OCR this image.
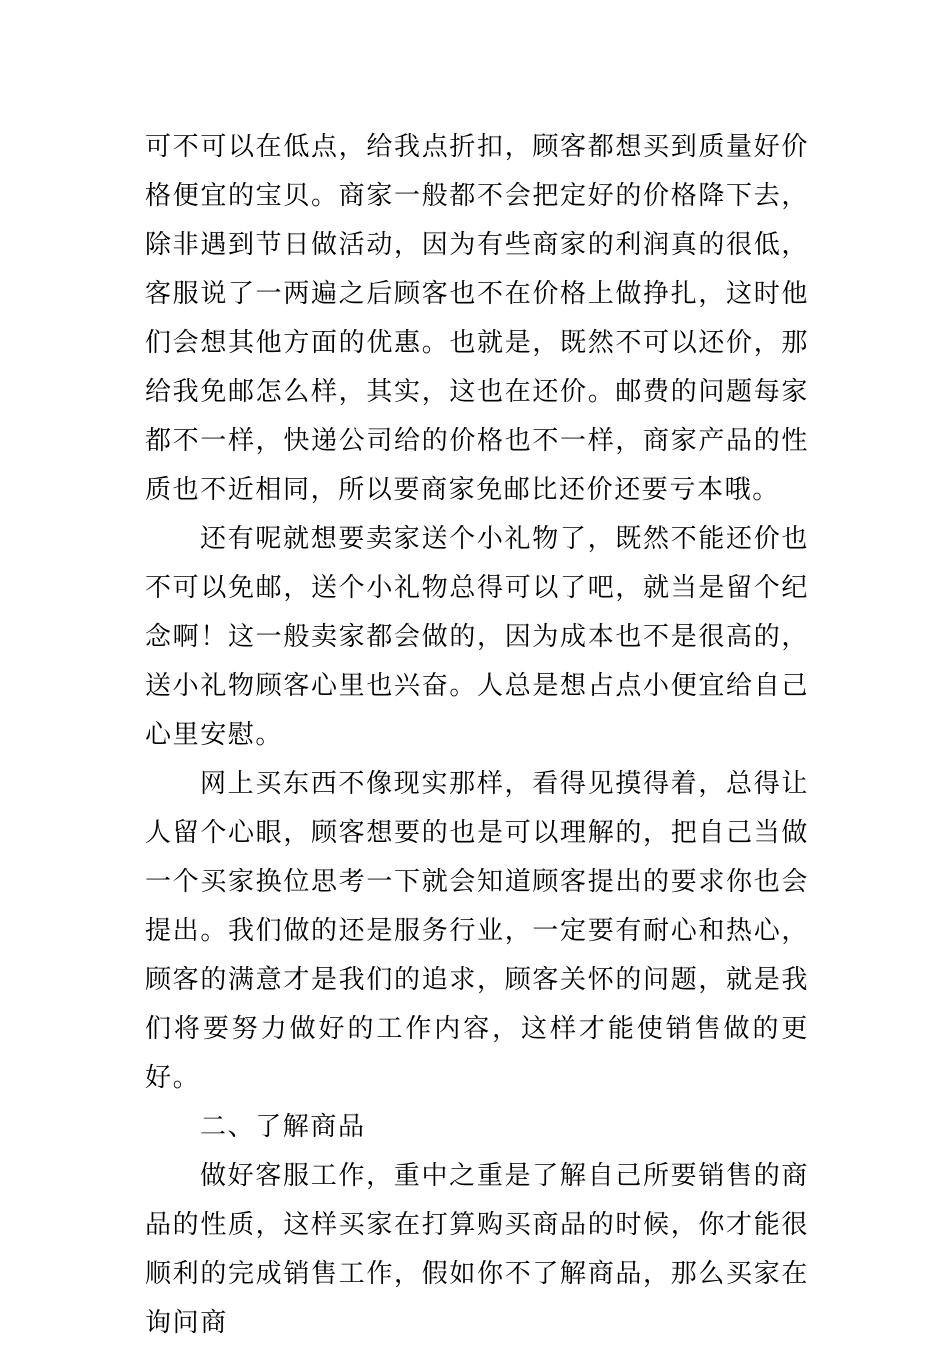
可不可以在低点，给我点折扣，顾客都想买到质量好价格便宜的宝贝。商家一般都不会把定好的价格降下去，除非遇到节日做活动，因为有些商家的利润真的很低，客服说了一两遍之后顾客也不在价格上做挣扎，这时他们会想其他方面的优惠。也就是，既然不可以还价，那给我免邮怎么样，其实，这也在还价。邮费的问题每家都不一样，快递公司给的价格也不一样，商家产品的性质也不近相同，所以要商家免邮比还价还要亏本哦。

还有呢就想要卖家送个小礼物了，既然不能还价也不可以免邮，送个小礼物总得可以了吧，就当是留个纪念啊！这一般卖家都会做的，因为成本也不是很高的，送小礼物顾客心里也兴奋。人总是想占点小便宜给自己心里安慰。

网上买东西不像现实那样，看得见摸得着，总得让人留个心眼，顾客想要的也是可以理解的，把自己当做一个买家换位思考一下就会知道顾客提出的要求你也会提出。我们做的还是服务行业，一定要有耐心和热心，顾客的满意才是我们的追求，顾客关怀的问题，就是我们将要努力做好的工作内容，这样才能使销售做的更好。

二、了解商品

做好客服工作，重中之重是了解自己所要销售的商品的性质，这样买家在打算购买商品的时候，你才能很顺利的完成销售工作，假如你不了解商品，那么买家在询问商
